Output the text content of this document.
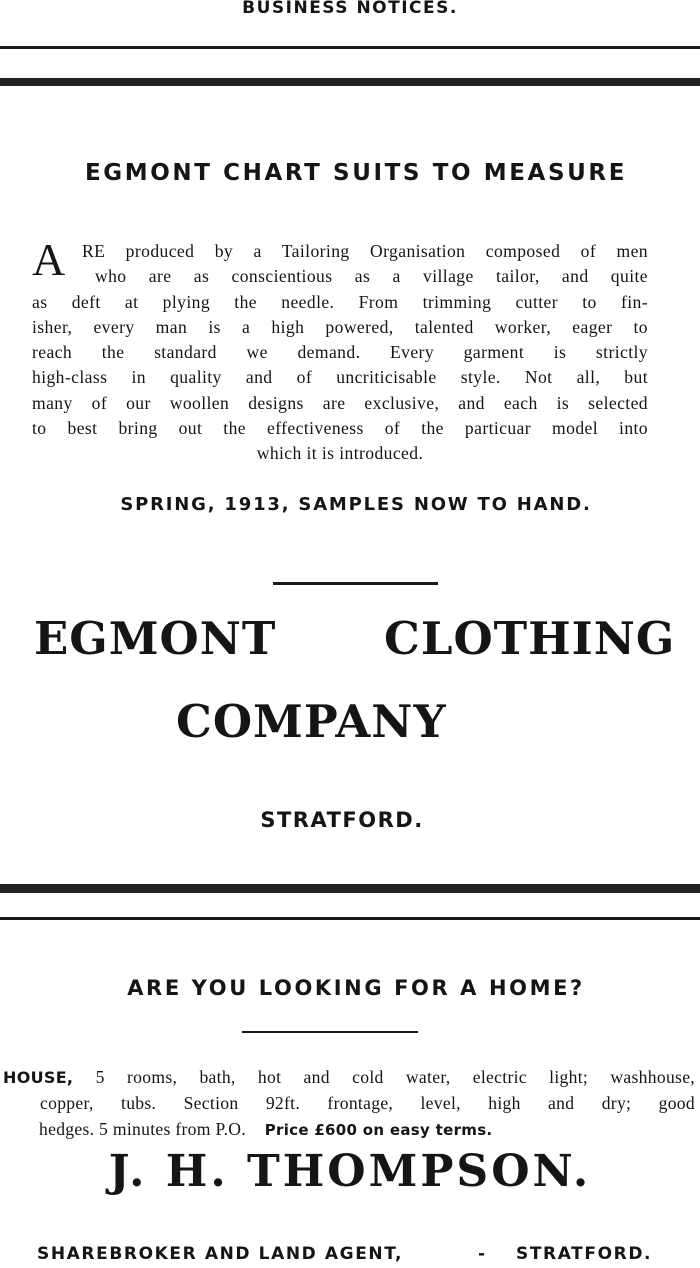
BUSINESS NOTICES.
EGMONT CHART SUITS TO MEASURE
A RE produced by a Tailoring Organisation composed of men
who are as conscientious as a village tailor, and quite
as deft at plying the needle. From trimming cutter to fin-
isher, every man is a high powered, talented worker, eager to
reach the standard we demand. Every garment is strictly
high-class in quality and of uncriticisable style. Not all, but
many of our woollen designs are exclusive, and each is selected
to best bring out the effectiveness of the particuar model into
which it is introduced.
SPRING, 1913, SAMPLES NOW TO HAND.
EGMONT CLOTHING
COMPANY
STRATFORD.
ARE YOU LOOKING FOR A HOME?
HOUSE, 5 rooms, bath, hot and cold water, electric light; washhouse,
copper, tubs. Section 92ft. frontage, level, high and dry; good
hedges. 5 minutes from P.O. Price £600 on easy terms.
J. H. THOMPSON.
SHAREBROKER AND LAND AGENT,	- STRATFORD.
